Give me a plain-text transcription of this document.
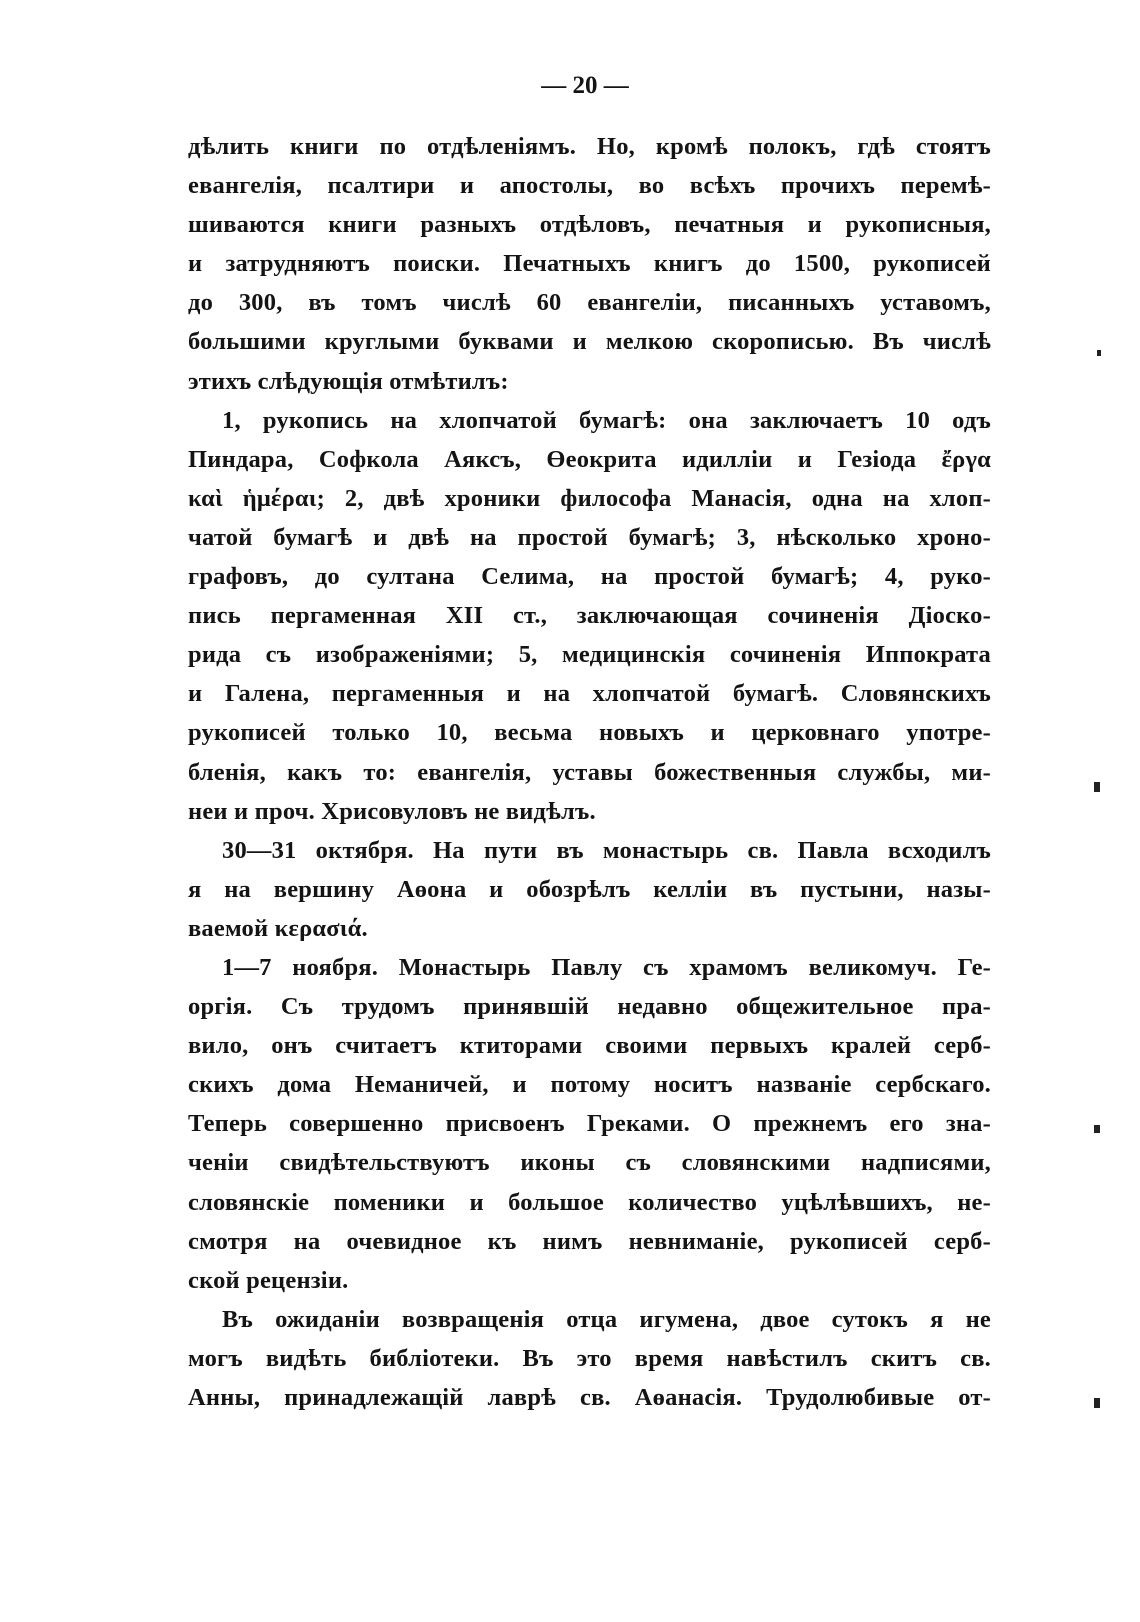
— 20 —
дѣлить книги по отдѣленіямъ. Но, кромѣ полокъ, гдѣ стоятъ
евангелія, псалтири и апостолы, во всѣхъ прочихъ перемѣ-
шиваются книги разныхъ отдѣловъ, печатныя и рукописныя,
и затрудняютъ поиски. Печатныхъ книгъ до 1500, рукописей
до 300, въ томъ числѣ 60 евангеліи, писанныхъ уставомъ,
большими круглыми буквами и мелкою скорописью. Въ числѣ
этихъ слѣдующія отмѣтилъ:
1, рукопись на хлопчатой бумагѣ: она заключаетъ 10 одъ
Пиндара, Софкола Аяксъ, Өеокрита идилліи и Гезіода ἔργα
καὶ ἡμέραι; 2, двѣ хроники философа Манасія, одна на хлоп-
чатой бумагѣ и двѣ на простой бумагѣ; 3, нѣсколько хроно-
графовъ, до султана Селима, на простой бумагѣ; 4, руко-
пись пергаменная XII ст., заключающая сочиненія Діоско-
рида съ изображеніями; 5, медицинскія сочиненія Иппократа
и Галена, пергаменныя и на хлопчатой бумагѣ. Словянскихъ
рукописей только 10, весьма новыхъ и церковнаго употре-
бленія, какъ то: евангелія, уставы божественныя службы, ми-
неи и проч. Хрисовуловъ не видѣлъ.
30—31 октября. На пути въ монастырь св. Павла всходилъ
я на вершину Аөона и обозрѣлъ келліи въ пустыни, назы-
ваемой κερασιά.
1—7 ноября. Монастырь Павлу съ храмомъ великомуч. Ге-
оргія. Съ трудомъ принявшій недавно общежительное пра-
вило, онъ считаетъ ктиторами своими первыхъ кралей серб-
скихъ дома Неманичей, и потому носитъ названіе сербскаго.
Теперь совершенно присвоенъ Греками. О прежнемъ его зна-
ченіи свидѣтельствуютъ иконы съ словянскими надписями,
словянскіе поменики и большое количество уцѣлѣвшихъ, не-
смотря на очевидное къ нимъ невниманіе, рукописей серб-
ской рецензіи.
Въ ожиданіи возвращенія отца игумена, двое сутокъ я не
могъ видѣть библіотеки. Въ это время навѣстилъ скитъ св.
Анны, принадлежащій лаврѣ св. Аөанасія. Трудолюбивые от-
